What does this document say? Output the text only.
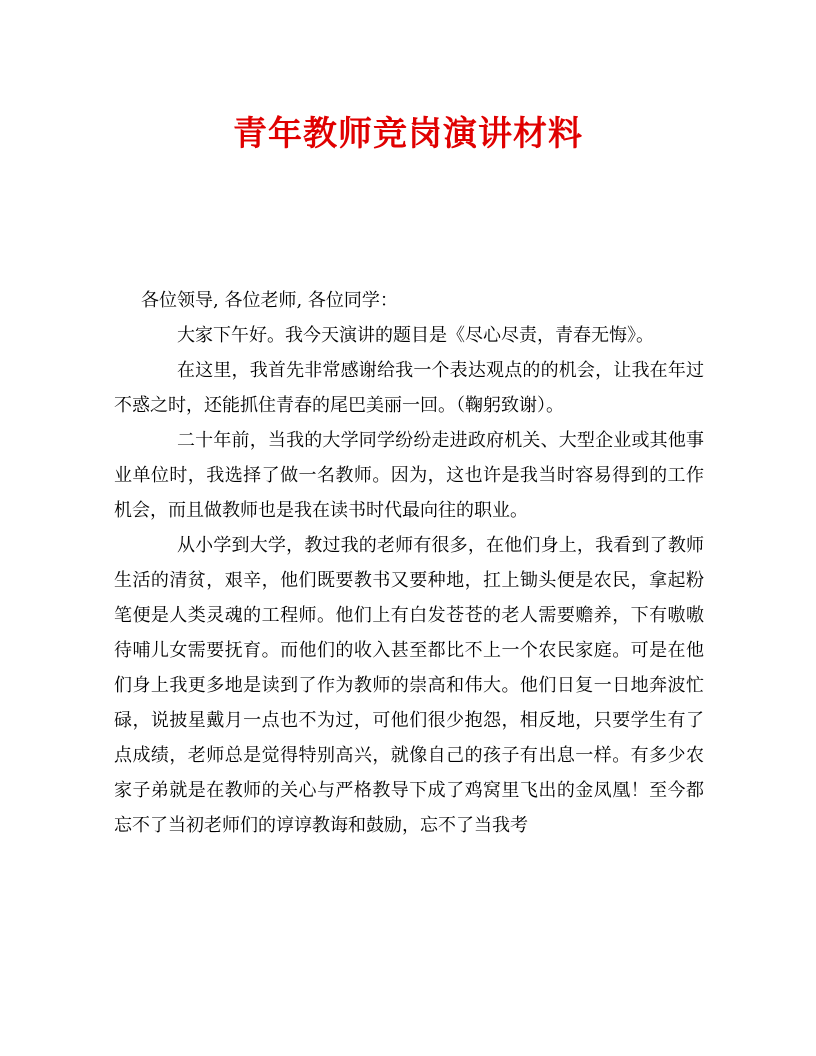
青年教师竞岗演讲材料

各位领导, 各位老师, 各位同学：

大家下午好。我今天演讲的题目是《尽心尽责，青春无悔》。

在这里，我首先非常感谢给我一个表达观点的的机会，让我在年过不惑之时，还能抓住青春的尾巴美丽一回。（鞠躬致谢）。

二十年前，当我的大学同学纷纷走进政府机关、大型企业或其他事业单位时，我选择了做一名教师。因为，这也许是我当时容易得到的工作机会，而且做教师也是我在读书时代最向往的职业。

从小学到大学，教过我的老师有很多，在他们身上，我看到了教师生活的清贫，艰辛，他们既要教书又要种地，扛上锄头便是农民，拿起粉笔便是人类灵魂的工程师。他们上有白发苍苍的老人需要赡养，下有嗷嗷待哺儿女需要抚育。而他们的收入甚至都比不上一个农民家庭。可是在他们身上我更多地是读到了作为教师的崇高和伟大。他们日复一日地奔波忙碌，说披星戴月一点也不为过，可他们很少抱怨，相反地，只要学生有了点成绩，老师总是觉得特别高兴，就像自己的孩子有出息一样。有多少农家子弟就是在教师的关心与严格教导下成了鸡窝里飞出的金凤凰！至今都忘不了当初老师们的谆谆教诲和鼓励，忘不了当我考
